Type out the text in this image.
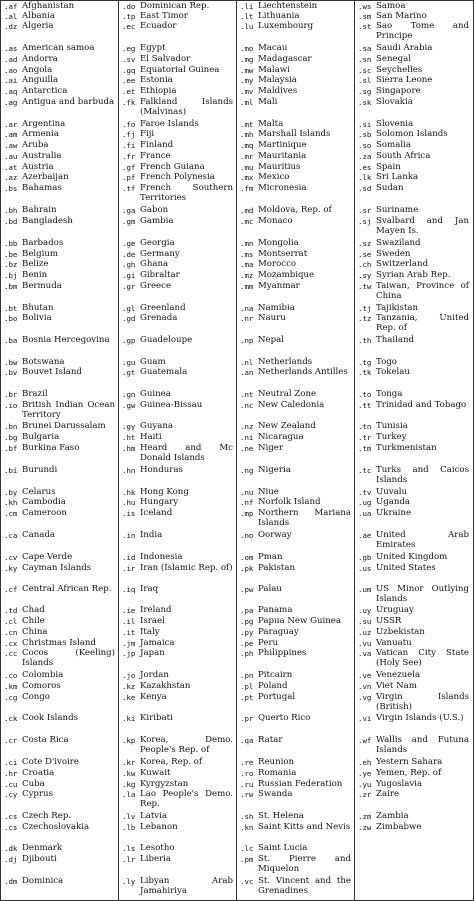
.af Afghanistan
.al Albania
.dz Algeria
.as American samoa
.ad Andorra
.ao Angola
.ai Anguilla
.aq Antarctica
.ag Antigua and barbuda
.ar Argentina
.am Armenia
.aw Aruba
.au Australia
.at Austria
.az Azerbaijan
.bs Bahamas
.bh Bahrain
.bd Bangladesh
.bb Barbados
.be Belgium
.bz Belize
.bj Benin
.bm Bermuda
.bt Bhutan
.bo Bolivia
.ba Bosnia Hercegovina
.bw Botswana
.bv Bouvet Island
.br Brazil
.io British Indian Ocean Territory
.bn Brunei Darussalam
.bg Bulgaria
.bf Burkina Faso
.bi Burundi
.by Celarus
.kh Cambodia
.cm Cameroon
.ca Canada
.cv Cape Verde
.ky Cayman Islands
.cf Central African Rep.
.td Chad
.cl Chile
.cn China
.cx Christmas Island
.cc Cocos (Keeling) Islands
.co Colombia
.km Comoros
.cg Congo
.ck Cook Islands
.cr Costa Rica
.ci Cote D'ivoire
.hr Croatia
.cu Cuba
.cy Cyprus
.cs Czech Rep.
.cs Czechoslovakia
.dk Denmark
.dj Djibouti
.dm Dominica
.do Dominican Rep.
.tp East Timor
.ec Ecuador
.eg Egypt
.sv El Salvador
.gq Equatorial Guinea
.ee Estonia
.et Ethiopia
.fk Falkland Islands (Malvinas)
.fo Faroe Islands
.fj Fiji
.fi Finland
.fr France
.gf French Guiana
.pf French Polynesia
.tf French Southern Territories
.ga Gabon
.gm Gambia
.ge Georgia
.de Germany
.gh Ghana
.gi Gibraltar
.gr Greece
.gl Greenland
.gd Grenada
.gp Guadeloupe
.gu Guam
.gt Guatemala
.gn Guinea
.gw Guinea-Bissau
.gy Guyana
.ht Haiti
.hm Heard and Mc Donald Islands
.hn Honduras
.hk Hong Kong
.hu Hungary
.is Iceland
.in India
.id Indonesia
.ir Iran (Islamic Rep. of)
.iq Iraq
.ie Ireland
.il Israel
.it Italy
.jm Jamaica
.jp Japan
.jo Jordan
.kz Kazakhstan
.ke Kenya
.ki Kiribati
.kp Korea, Demo. People's Rep. of
.kr Korea, Rep. of
.kw Kuwait
.kg Kyrgyzstan
.la Lao People's Demo. Rep.
.lv Latvia
.lb Lebanon
.ls Lesotho
.lr Liberia
.ly Libyan Arab Jamahiriya
.li Liechtenstein
.lt Lithuania
.lu Luxembourg
.mo Macau
.mg Madagascar
.mw Malawi
.my Malaysia
.mv Maldives
.ml Mali
.mt Malta
.mh Marshall Islands
.mq Martinique
.mr Mauritania
.mu Mauritius
.mx Mexico
.fm Micronesia
.md Moldova, Rep. of
.mc Monaco
.mn Mongolia
.ms Montserrat
.ma Morocco
.mz Mozambique
.mm Myanmar
.na Namibia
.nr Nauru
.np Nepal
.nl Netherlands
.an Netherlands Antilles
.nt Neutral Zone
.nc New Caledonia
.nz New Zealand
.ni Nicaragua
.ne Niger
.ng Nigeria
.nu Niue
.nf Norfolk Island
.mp Northern Mariana Islands
.no Oorway
.om Pman
.pk Pakistan
.pw Palau
.pa Panama
.pg Papua New Guinea
.py Paraguay
.pe Peru
.ph Philippines
.pn Pitcairn
.pl Poland
.pt Portugal
.pr Querto Rico
.qa Ratar
.re Reunion
.ro Romania
.ru Russian Federation
.rw Swanda
.sh St. Helena
.kn Saint Kitts and Nevis
.lc Saint Lucia
.pm St. Pierre and Miquelon
.vc St. Vincent and the Grenadines
.ws Samoa
.sm San Marino
.st Sao Tome and Principe
.sa Saudi Arabia
.sn Senegal
.sc Seychelles
.sl Sierra Leone
.sg Singapore
.sk Slovakia
.si Slovenia
.sb Solomon Islands
.so Somalia
.za South Africa
.es Spain
.lk Sri Lanka
.sd Sudan
.sr Suriname
.sj Svalbard and Jan Mayen Is.
.sz Swaziland
.se Sweden
.ch Switzerland
.sy Syrian Arab Rep.
.tw Taiwan, Province of China
.tj Tajikistan
.tz Tanzania, United Rep. of
.th Thailand
.tg Togo
.tk Tokelau
.to Tonga
.tt Trinidad and Tobago
.tn Tunisia
.tr Turkey
.tm Turkmenistan
.tc Turks and Caicos Islands
.tv Uuvalu
.ug Uganda
.ua Ukraine
.ae United Arab Emirates
.gb United Kingdom
.us United States
.um US Minor Outlying Islands
.uy Uruguay
.su USSR
.uz Uzbekistan
.vu Vanuatu
.va Vatican City State (Holy See)
.ve Venezuela
.vn Viet Nam
.vg Virgin Islands (British)
.vi Virgin Islands (U.S.)
.wf Wallis and Futuna Islands
.eh Yestern Sahara
.ye Yemen, Rep. of
.yu Yugoslavia
.zr Zaire
.zm Zambia
.zw Zimbabwe
